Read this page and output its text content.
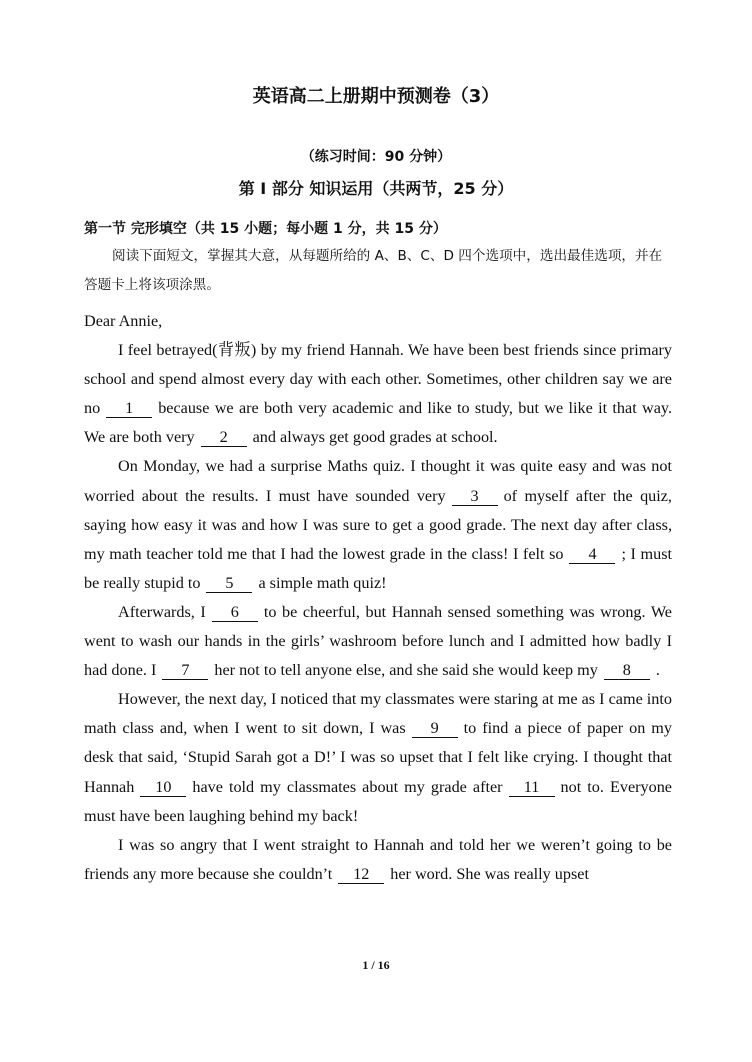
英语高二上册期中预测卷（3）
（练习时间：90 分钟）
第 I 部分 知识运用（共两节，25 分）
第一节 完形填空（共 15 小题；每小题 1 分，共 15 分）
阅读下面短文，掌握其大意，从每题所给的 A、B、C、D 四个选项中，选出最佳选项，并在答题卡上将该项涂黑。

Dear Annie,

I feel betrayed(背叛) by my friend Hannah. We have been best friends since primary school and spend almost every day with each other. Sometimes, other children say we are no 1 because we are both very academic and like to study, but we like it that way. We are both very 2 and always get good grades at school.

On Monday, we had a surprise Maths quiz. I thought it was quite easy and was not worried about the results. I must have sounded very 3 of myself after the quiz, saying how easy it was and how I was sure to get a good grade. The next day after class, my math teacher told me that I had the lowest grade in the class! I felt so 4 ; I must be really stupid to 5 a simple math quiz!

Afterwards, I 6 to be cheerful, but Hannah sensed something was wrong. We went to wash our hands in the girls’ washroom before lunch and I admitted how badly I had done. I 7 her not to tell anyone else, and she said she would keep my 8 .

However, the next day, I noticed that my classmates were staring at me as I came into math class and, when I went to sit down, I was 9 to find a piece of paper on my desk that said, ‘Stupid Sarah got a D!’ I was so upset that I felt like crying. I thought that Hannah 10 have told my classmates about my grade after 11 not to. Everyone must have been laughing behind my back!

I was so angry that I went straight to Hannah and told her we weren’t going to be friends any more because she couldn’t 12 her word. She was really upset

1 / 16
